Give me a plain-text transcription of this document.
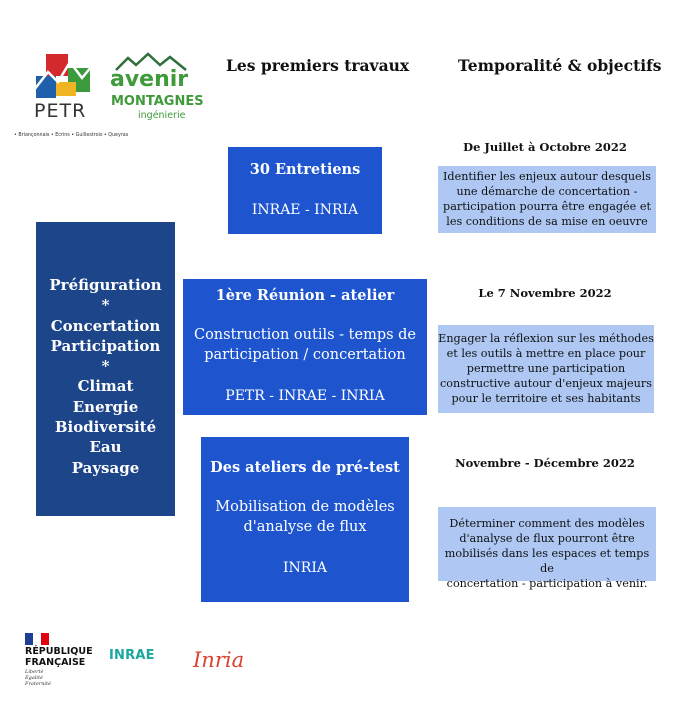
PETR
• Briançonnais • Ecrins • Guillestrois • Queyras
avenir
MONTAGNES
ingénierie
Les premiers travaux	Temporalité & objectifs
Préfiguration
*
Concertation
Participation
*
Climat
Energie
Biodiversité
Eau
Paysage
30 Entretiens
INRAE - INRIA
1ère Réunion - atelier
Construction outils - temps de
participation / concertation
PETR - INRAE - INRIA
Des ateliers de pré-test
Mobilisation de modèles
d'analyse de flux
INRIA
De Juillet à Octobre 2022
Le 7 Novembre 2022
Novembre - Décembre 2022
Identifier les enjeux autour desquels
une démarche de concertation -
participation pourra être engagée et
les conditions de sa mise en oeuvre
Engager la réflexion sur les méthodes
et les outils à mettre en place pour
permettre une participation
constructive autour d'enjeux majeurs
pour le territoire et ses habitants
Déterminer comment des modèles
d'analyse de flux pourront être
mobilisés dans les espaces et temps de
concertation - participation à venir.
RÉPUBLIQUE
FRANÇAISE
Liberté
Égalité
Fraternité
INRAE Inria
